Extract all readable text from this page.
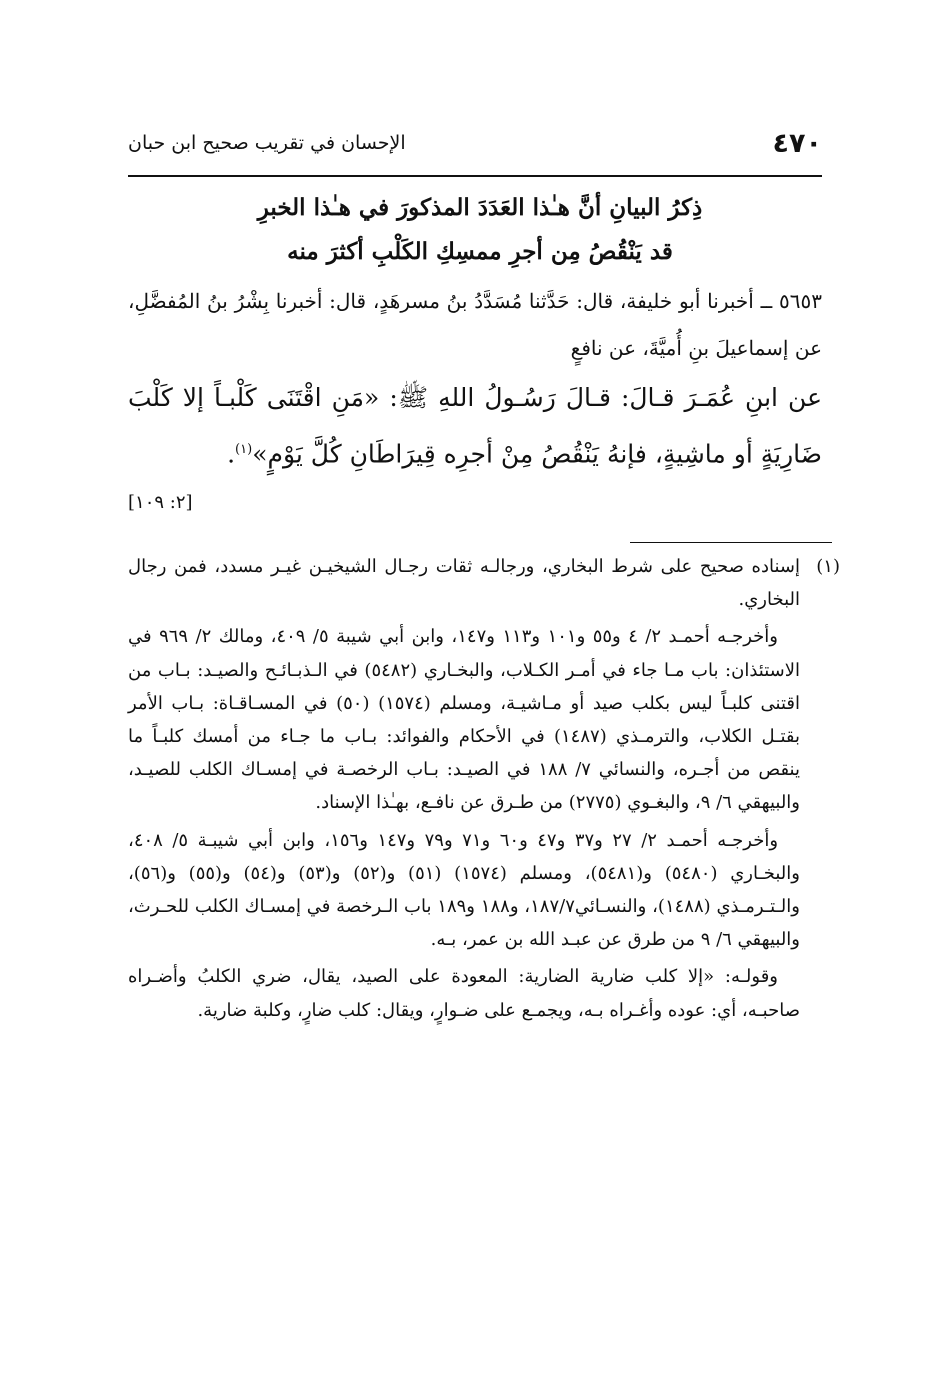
٤٧٠
الإحسان في تقريب صحيح ابن حبان
ذِكرُ البيانِ أنَّ هـٰذا العَدَدَ المذكورَ في هـٰذا الخبرِ
قد يَنْقُصُ مِن أجرِ ممسِكِ الكَلْبِ أكثرَ منه
٥٦٥٣ ــ أخبرنا أبو خليفة، قال: حَدَّثنا مُسَدَّدُ بنُ مسرهَدٍ، قال: أخبرنا بِشْرُ بنُ المُفضَّلِ، عن إسماعيلَ بنِ أُميَّةَ، عن نافعٍ
عن ابنِ عُمَـرَ قـالَ: قـالَ رَسُـولُ اللهِ ﷺ: «مَنِ اقْتَنَى كَلْبـاً إلا كَلْبَ ضَارِيَةٍ أو ماشِيةٍ، فإنهُ يَنْقُصُ مِنْ أجرِه قِيرَاطَانِ كُلَّ يَوْمٍ»$^{(١)}$.
[٢: ١٠٩]
(١)
إسناده صحيح على شرط البخاري، ورجالـه ثقات رجـال الشيخيـن غيـر مسدد، فمن رجال البخاري.
وأخرجـه أحمـد ٢/ ٤ و٥٥ و١٠١ و١١٣ و١٤٧، وابن أبي شيبة ٥/ ٤٠٩، ومالك ٢/ ٩٦٩ في الاستئذان: باب مـا جاء في أمـر الكـلاب، والبخـاري (٥٤٨٢) في الـذبـائـح والصيـد: بـاب من اقتنى كلبـاً ليس بكلب صيد أو مـاشيـة، ومسلم (١٥٧٤) (٥٠) في المسـاقـاة: بـاب الأمر بقتـل الكلاب، والترمـذي (١٤٨٧) في الأحكام والفوائد: بـاب ما جـاء من أمسك كلبـاً ما ينقص من أجـره، والنسائي ٧/ ١٨٨ في الصيـد: بـاب الرخصـة في إمسـاك الكلب للصيـد، والبيهقي ٦/ ٩، والبغـوي (٢٧٧٥) من طـرق عن نافـع، بهـٰذا الإسناد.
وأخرجـه أحمـد ٢/ ٢٧ و٣٧ و٤٧ و٦٠ و٧١ و٧٩ و١٤٧ و١٥٦، وابن أبي شيبـة ٥/ ٤٠٨، والبخـاري (٥٤٨٠) و(٥٤٨١)، ومسلم (١٥٧٤) (٥١) و(٥٢) و(٥٣) و(٥٤) و(٥٥) و(٥٦)، والـتـرمـذي (١٤٨٨)، والنسـائي١٨٧/٧، و١٨٨ و١٨٩ باب الـرخصة في إمسـاك الكلب للحـرث، والبيهقي ٦/ ٩ من طرق عن عبـد الله بن عمر، بـه.
وقولـه: «إلا كلب ضارية الضارية: المعودة على الصيد، يقال، ضري الكلبُ وأضـراه صاحبـه، أي: عوده وأغـراه بـه، ويجمـع على ضـوارٍ، ويقال: كلب ضارٍ، وكلبة ضارية.
